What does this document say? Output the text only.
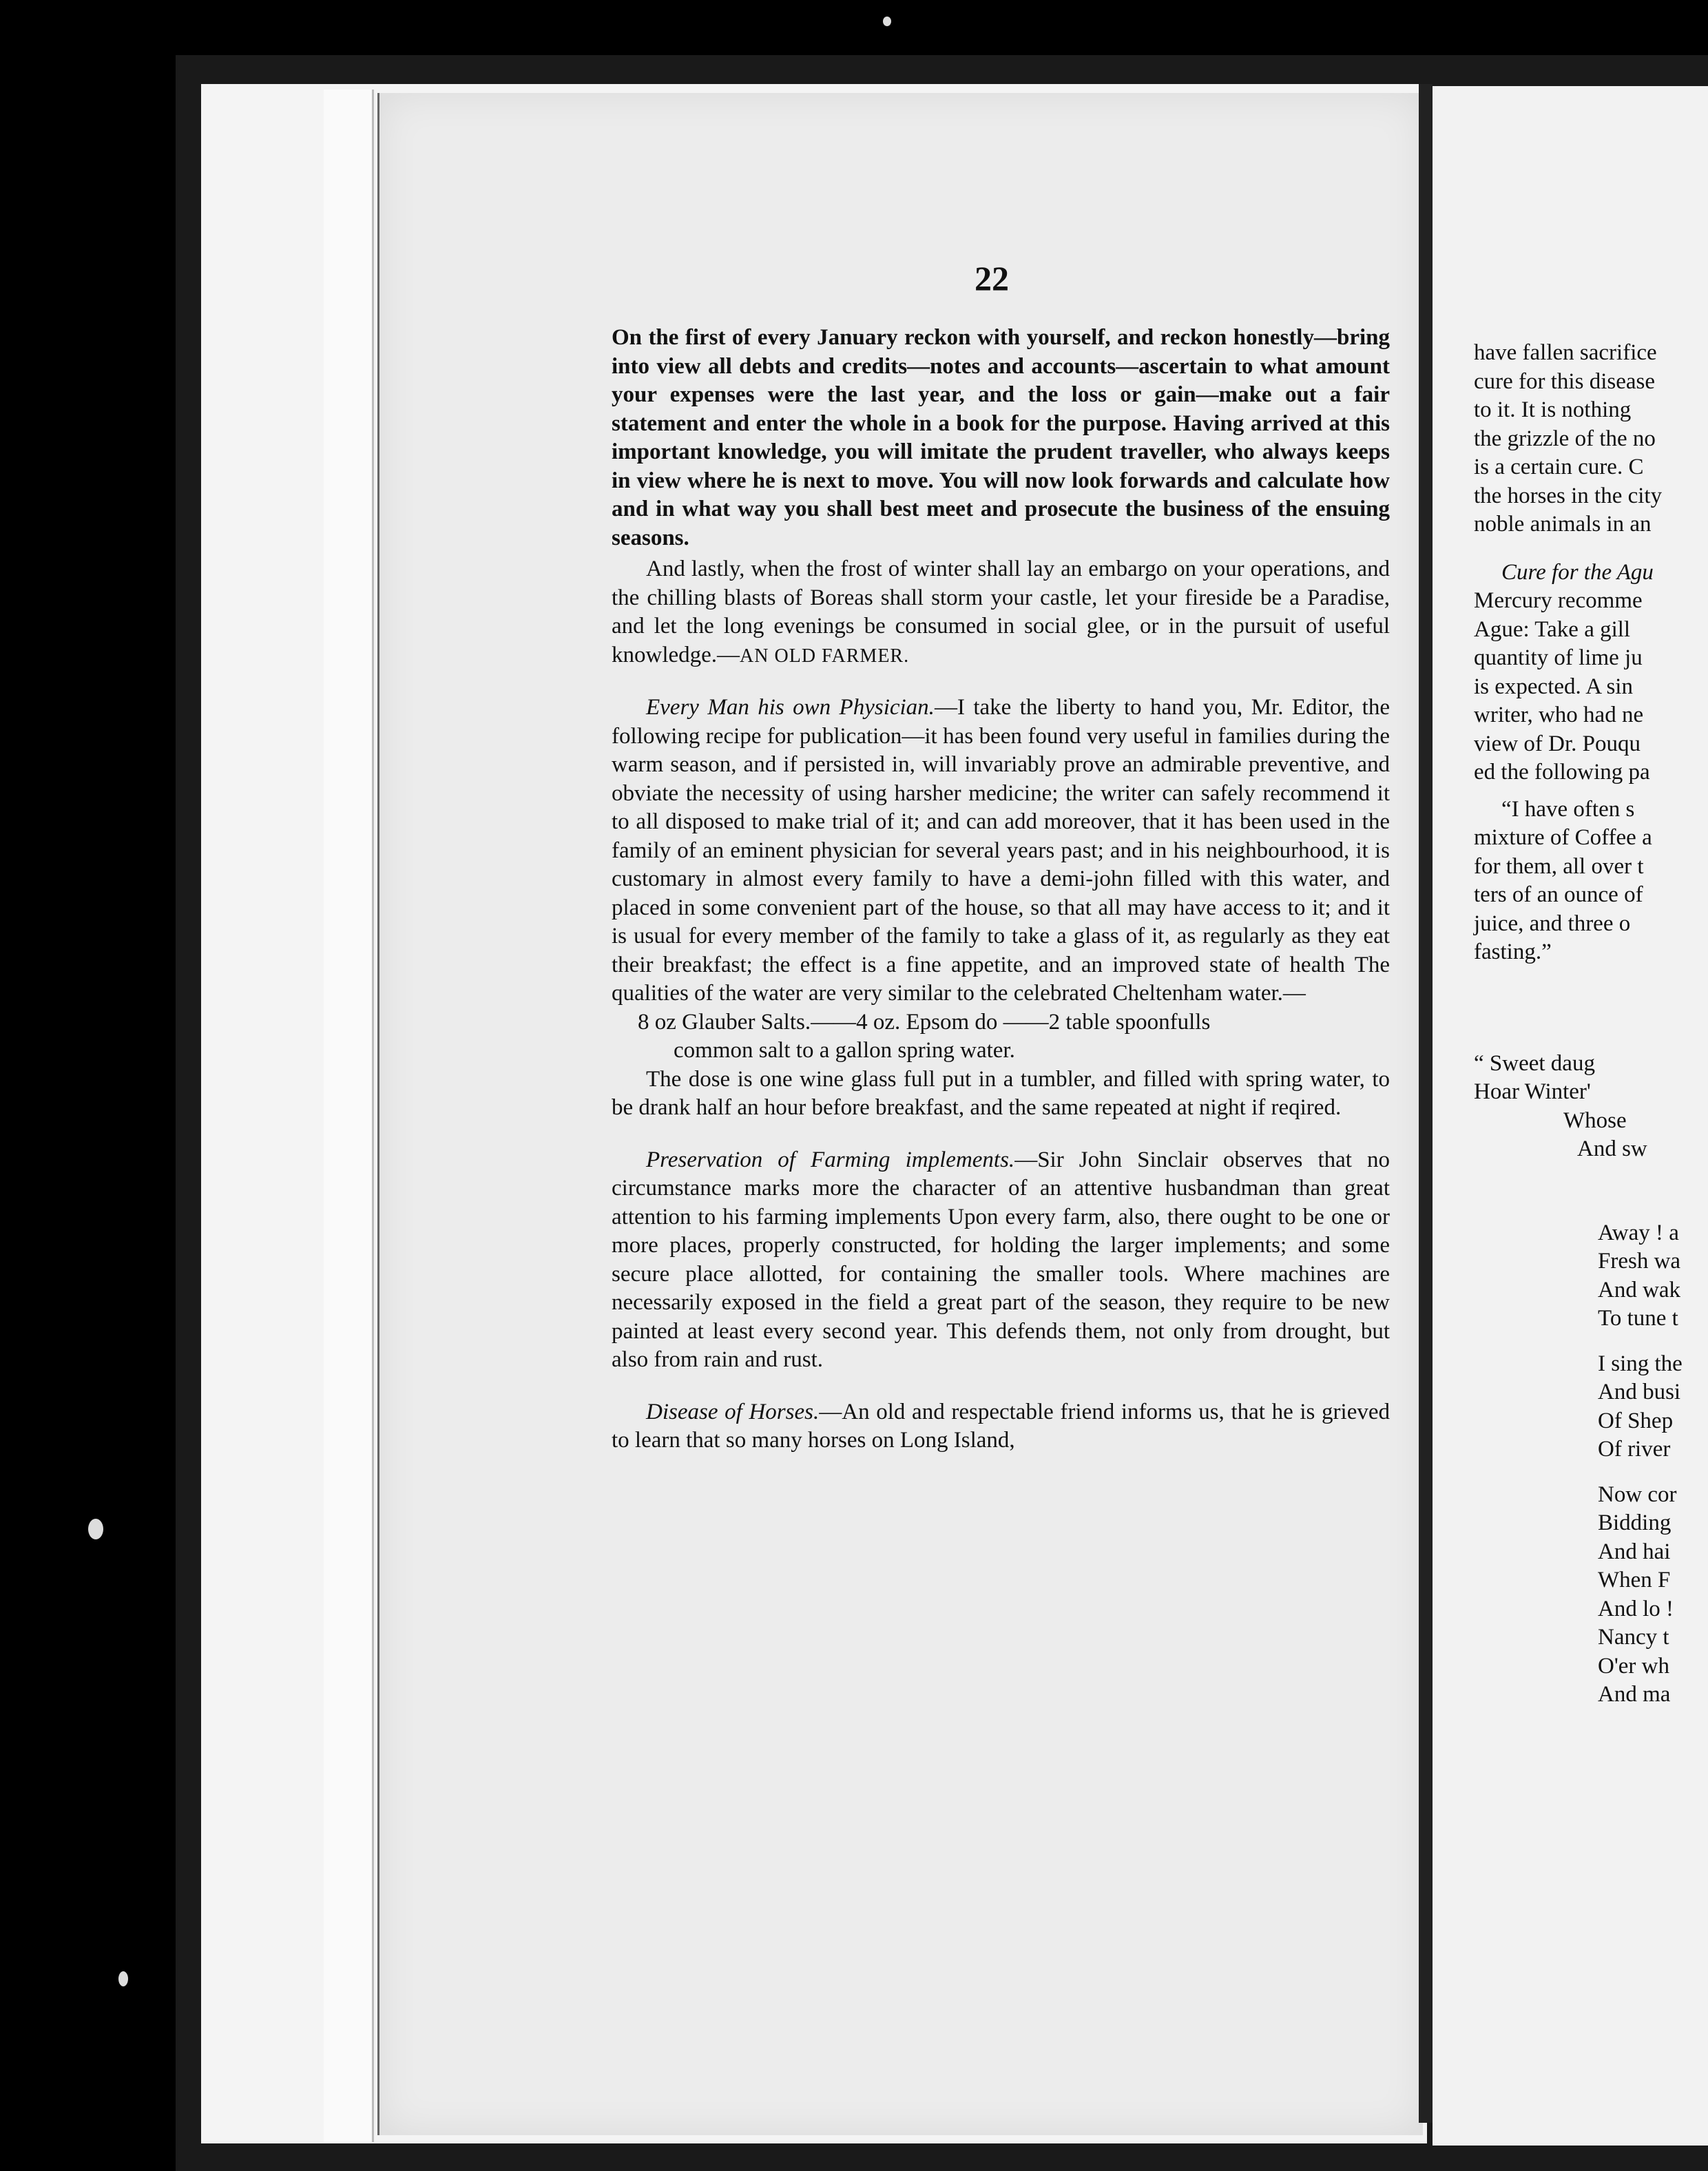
22

On the first of every January reckon with yourself, and reckon honestly—bring into view all debts and credits—notes and accounts—ascertain to what amount your expenses were the last year, and the loss or gain—make out a fair statement and enter the whole in a book for the purpose. Having arrived at this important knowledge, you will imitate the prudent traveller, who always keeps in view where he is next to move. You will now look forwards and calculate how and in what way you shall best meet and prosecute the business of the ensuing seasons.

And lastly, when the frost of winter shall lay an embargo on your operations, and the chilling blasts of Boreas shall storm your castle, let your fireside be a Paradise, and let the long evenings be consumed in social glee, or in the pursuit of useful knowledge.—AN OLD FARMER.

Every Man his own Physician.—I take the liberty to hand you, Mr. Editor, the following recipe for publication—it has been found very useful in families during the warm season, and if persisted in, will invariably prove an admirable preventive, and obviate the necessity of using harsher medicine; the writer can safely recommend it to all disposed to make trial of it; and can add moreover, that it has been used in the family of an eminent physician for several years past; and in his neighbourhood, it is customary in almost every family to have a demi-john filled with this water, and placed in some convenient part of the house, so that all may have access to it; and it is usual for every member of the family to take a glass of it, as regularly as they eat their breakfast; the effect is a fine appetite, and an improved state of health The qualities of the water are very similar to the celebrated Cheltenham water.—

8 oz Glauber Salts.——4 oz. Epsom do ——2 table spoonfulls

common salt to a gallon spring water.

The dose is one wine glass full put in a tumbler, and filled with spring water, to be drank half an hour before breakfast, and the same repeated at night if reqired.

Preservation of Farming implements.—Sir John Sinclair observes that no circumstance marks more the character of an attentive husbandman than great attention to his farming implements Upon every farm, also, there ought to be one or more places, properly constructed, for holding the larger implements; and some secure place allotted, for containing the smaller tools. Where machines are necessarily exposed in the field a great part of the season, they require to be new painted at least every second year. This defends them, not only from drought, but also from rain and rust.

Disease of Horses.—An old and respectable friend informs us, that he is grieved to learn that so many horses on Long Island,

have fallen sacrifice
cure for this disease
to it. It is nothing
the grizzle of the no
is a certain cure. C
the horses in the city
noble animals in an
Cure for the Agu
Mercury recomme
Ague: Take a gill
quantity of lime ju
is expected. A sin
writer, who had ne
view of Dr. Pouqu
ed the following pa
“I have often s
mixture of Coffee a
for them, all over t
ters of an ounce of
juice, and three o
fasting.”
“ Sweet daug
Hoar Winter'
Whose
And sw
Away ! a
Fresh wa
And wak
To tune t
I sing the
And busi
Of Shep
Of river
Now cor
Bidding
And hai
When F
And lo !
Nancy t
O'er wh
And ma
